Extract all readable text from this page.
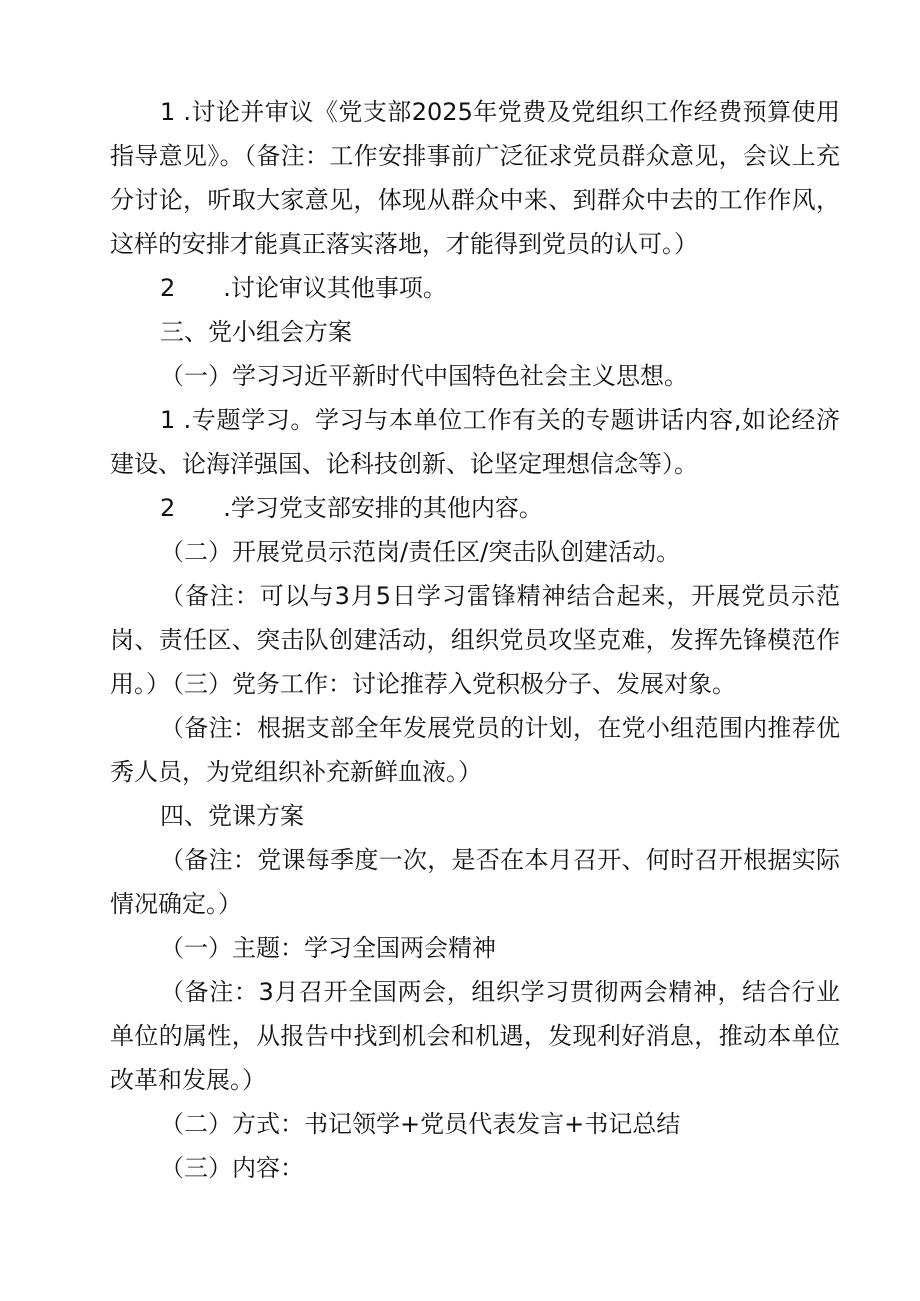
1 .讨论并审议《党支部2025年党费及党组织工作经费预算使用指导意见》。（备注：工作安排事前广泛征求党员群众意见，会议上充分讨论，听取大家意见，体现从群众中来、到群众中去的工作作风，这样的安排才能真正落实落地，才能得到党员的认可。）

2　　.讨论审议其他事项。

三、党小组会方案

（一）学习习近平新时代中国特色社会主义思想。

1 .专题学习。学习与本单位工作有关的专题讲话内容,如论经济建设、论海洋强国、论科技创新、论坚定理想信念等）。

2　　.学习党支部安排的其他内容。

（二）开展党员示范岗/责任区/突击队创建活动。

（备注：可以与3月5日学习雷锋精神结合起来，开展党员示范岗、责任区、突击队创建活动，组织党员攻坚克难，发挥先锋模范作用。）

（三）党务工作：讨论推荐入党积极分子、发展对象。

（备注：根据支部全年发展党员的计划，在党小组范围内推荐优秀人员，为党组织补充新鲜血液。）

四、党课方案

（备注：党课每季度一次，是否在本月召开、何时召开根据实际情况确定。）

（一）主题：学习全国两会精神

（备注：3月召开全国两会，组织学习贯彻两会精神，结合行业单位的属性，从报告中找到机会和机遇，发现利好消息，推动本单位改革和发展。）

（二）方式：书记领学+党员代表发言+书记总结

（三）内容：
